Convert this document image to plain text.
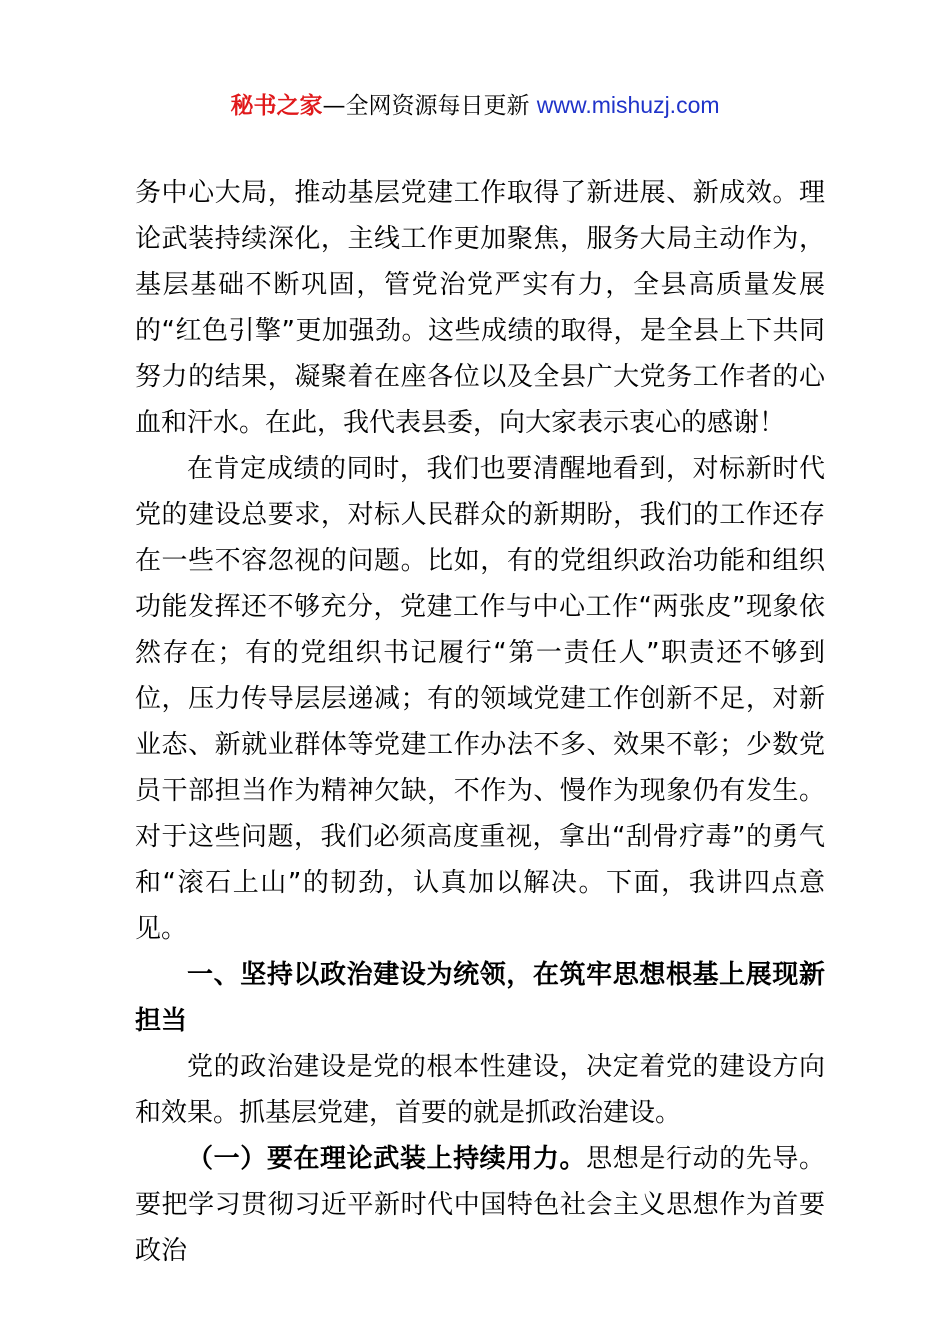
秘书之家—全网资源每日更新 www.mishuzj.com

务中心大局，推动基层党建工作取得了新进展、新成效。理论武装持续深化，主线工作更加聚焦，服务大局主动作为，基层基础不断巩固，管党治党严实有力，全县高质量发展的“红色引擎”更加强劲。这些成绩的取得，是全县上下共同努力的结果，凝聚着在座各位以及全县广大党务工作者的心血和汗水。在此，我代表县委，向大家表示衷心的感谢！

在肯定成绩的同时，我们也要清醒地看到，对标新时代党的建设总要求，对标人民群众的新期盼，我们的工作还存在一些不容忽视的问题。比如，有的党组织政治功能和组织功能发挥还不够充分，党建工作与中心工作“两张皮”现象依然存在；有的党组织书记履行“第一责任人”职责还不够到位，压力传导层层递减；有的领域党建工作创新不足，对新业态、新就业群体等党建工作办法不多、效果不彰；少数党员干部担当作为精神欠缺，不作为、慢作为现象仍有发生。对于这些问题，我们必须高度重视，拿出“刮骨疗毒”的勇气和“滚石上山”的韧劲，认真加以解决。下面，我讲四点意见。

一、坚持以政治建设为统领，在筑牢思想根基上展现新担当

党的政治建设是党的根本性建设，决定着党的建设方向和效果。抓基层党建，首要的就是抓政治建设。

（一）要在理论武装上持续用力。思想是行动的先导。要把学习贯彻习近平新时代中国特色社会主义思想作为首要政治
